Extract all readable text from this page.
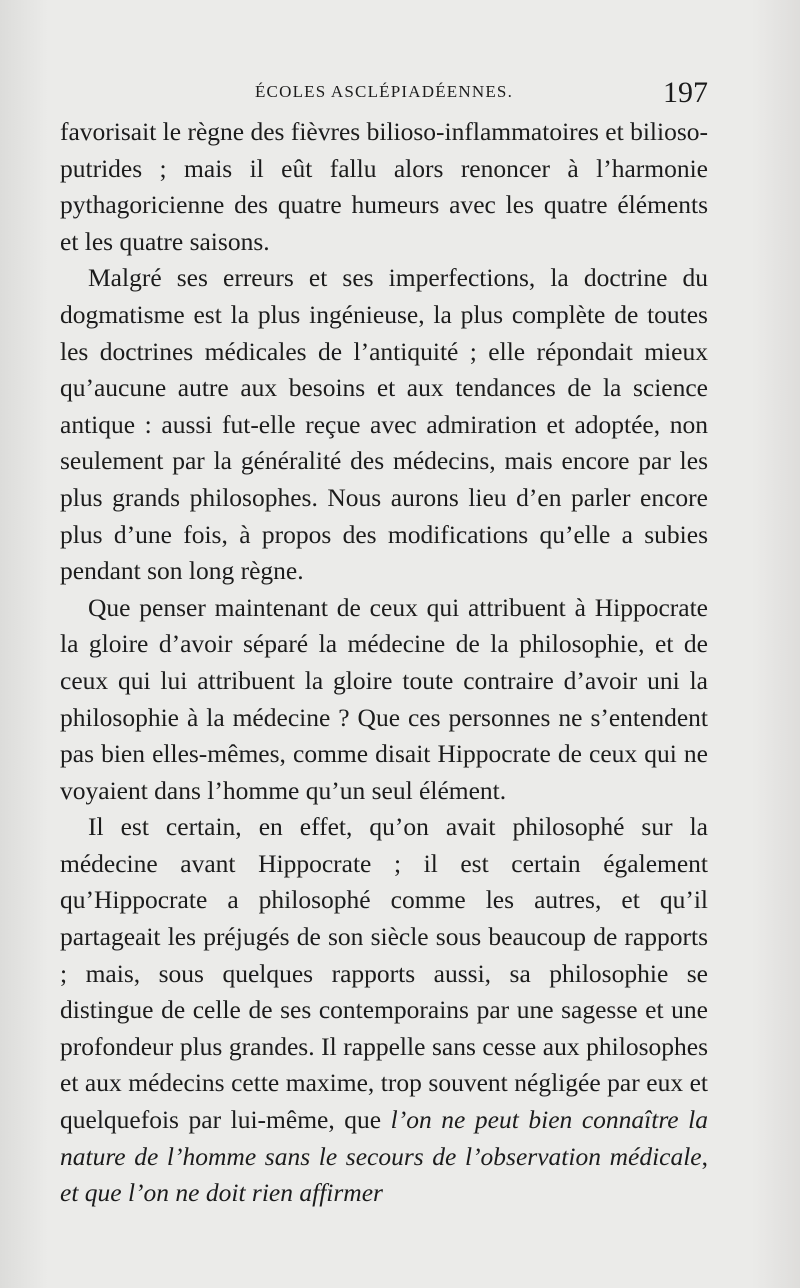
ÉCOLES ASCLÉPIADÉENNES.	197

favorisait le règne des fièvres bilioso-inflammatoires et bilioso-putrides ; mais il eût fallu alors renoncer à l’harmonie pythagoricienne des quatre humeurs avec les quatre éléments et les quatre saisons.

Malgré ses erreurs et ses imperfections, la doctrine du dogmatisme est la plus ingénieuse, la plus complète de toutes les doctrines médicales de l’antiquité ; elle répondait mieux qu’aucune autre aux besoins et aux tendances de la science antique : aussi fut-elle reçue avec admiration et adoptée, non seulement par la généralité des médecins, mais encore par les plus grands philosophes. Nous aurons lieu d’en parler encore plus d’une fois, à propos des modifications qu’elle a subies pendant son long règne.

Que penser maintenant de ceux qui attribuent à Hippocrate la gloire d’avoir séparé la médecine de la philosophie, et de ceux qui lui attribuent la gloire toute contraire d’avoir uni la philosophie à la médecine ? Que ces personnes ne s’entendent pas bien elles-mêmes, comme disait Hippocrate de ceux qui ne voyaient dans l’homme qu’un seul élément.

Il est certain, en effet, qu’on avait philosophé sur la médecine avant Hippocrate ; il est certain également qu’Hippocrate a philosophé comme les autres, et qu’il partageait les préjugés de son siècle sous beaucoup de rapports ; mais, sous quelques rapports aussi, sa philosophie se distingue de celle de ses contemporains par une sagesse et une profondeur plus grandes. Il rappelle sans cesse aux philosophes et aux médecins cette maxime, trop souvent négligée par eux et quelquefois par lui-même, que l’on ne peut bien connaître la nature de l’homme sans le secours de l’observation médicale, et que l’on ne doit rien affirmer
